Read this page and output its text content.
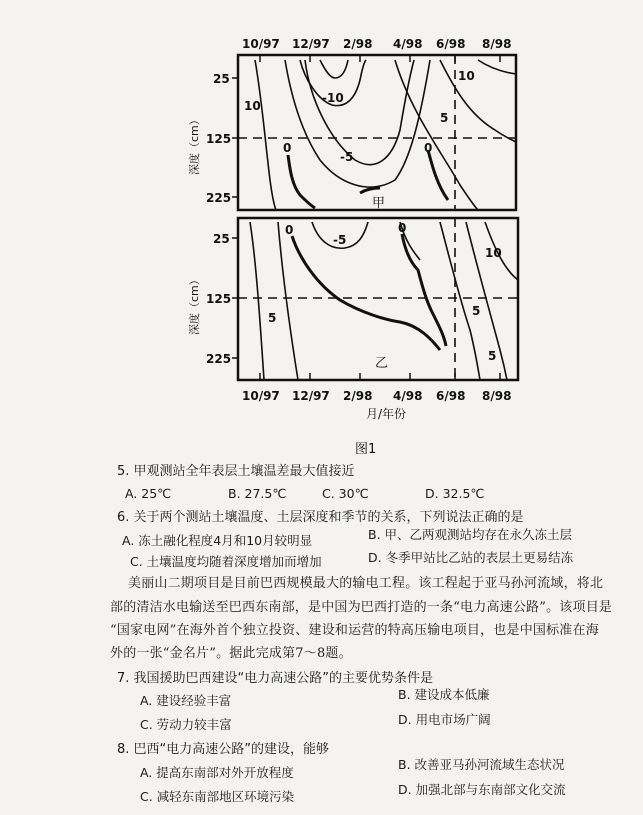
10/97 12/97 2/98 4/98 6/98 8/98
10
-10
-5
0	0
5
10
甲
0
-5
0
5
10
5
5
乙
25
125
225
25
125
225
深度（cm）
深度（cm）
10/97 12/97 2/98 4/98 6/98 8/98
月/年份
图1
5. 甲观测站全年表层土壤温差最大值接近
A. 25℃	B. 27.5℃	C. 30℃	D. 32.5℃
6. 关于两个测站土壤温度、土层深度和季节的关系，下列说法正确的是
A. 冻土融化程度4月和10月较明显	B. 甲、乙两观测站均存在永久冻土层
C. 土壤温度均随着深度增加而增加	D. 冬季甲站比乙站的表层土更易结冻
美丽山二期项目是目前巴西规模最大的输电工程。该工程起于亚马孙河流域，将北
部的清洁水电输送至巴西东南部，是中国为巴西打造的一条“电力高速公路”。该项目是
“国家电网”在海外首个独立投资、建设和运营的特高压输电项目，也是中国标准在海
外的一张“金名片”。据此完成第7～8题。
7. 我国援助巴西建设“电力高速公路”的主要优势条件是
A. 建设经验丰富	B. 建设成本低廉
C. 劳动力较丰富	D. 用电市场广阔
8. 巴西“电力高速公路”的建设，能够
A. 提高东南部对外开放程度
B. 改善亚马孙河流域生态状况
C. 减轻东南部地区环境污染	D. 加强北部与东南部文化交流
